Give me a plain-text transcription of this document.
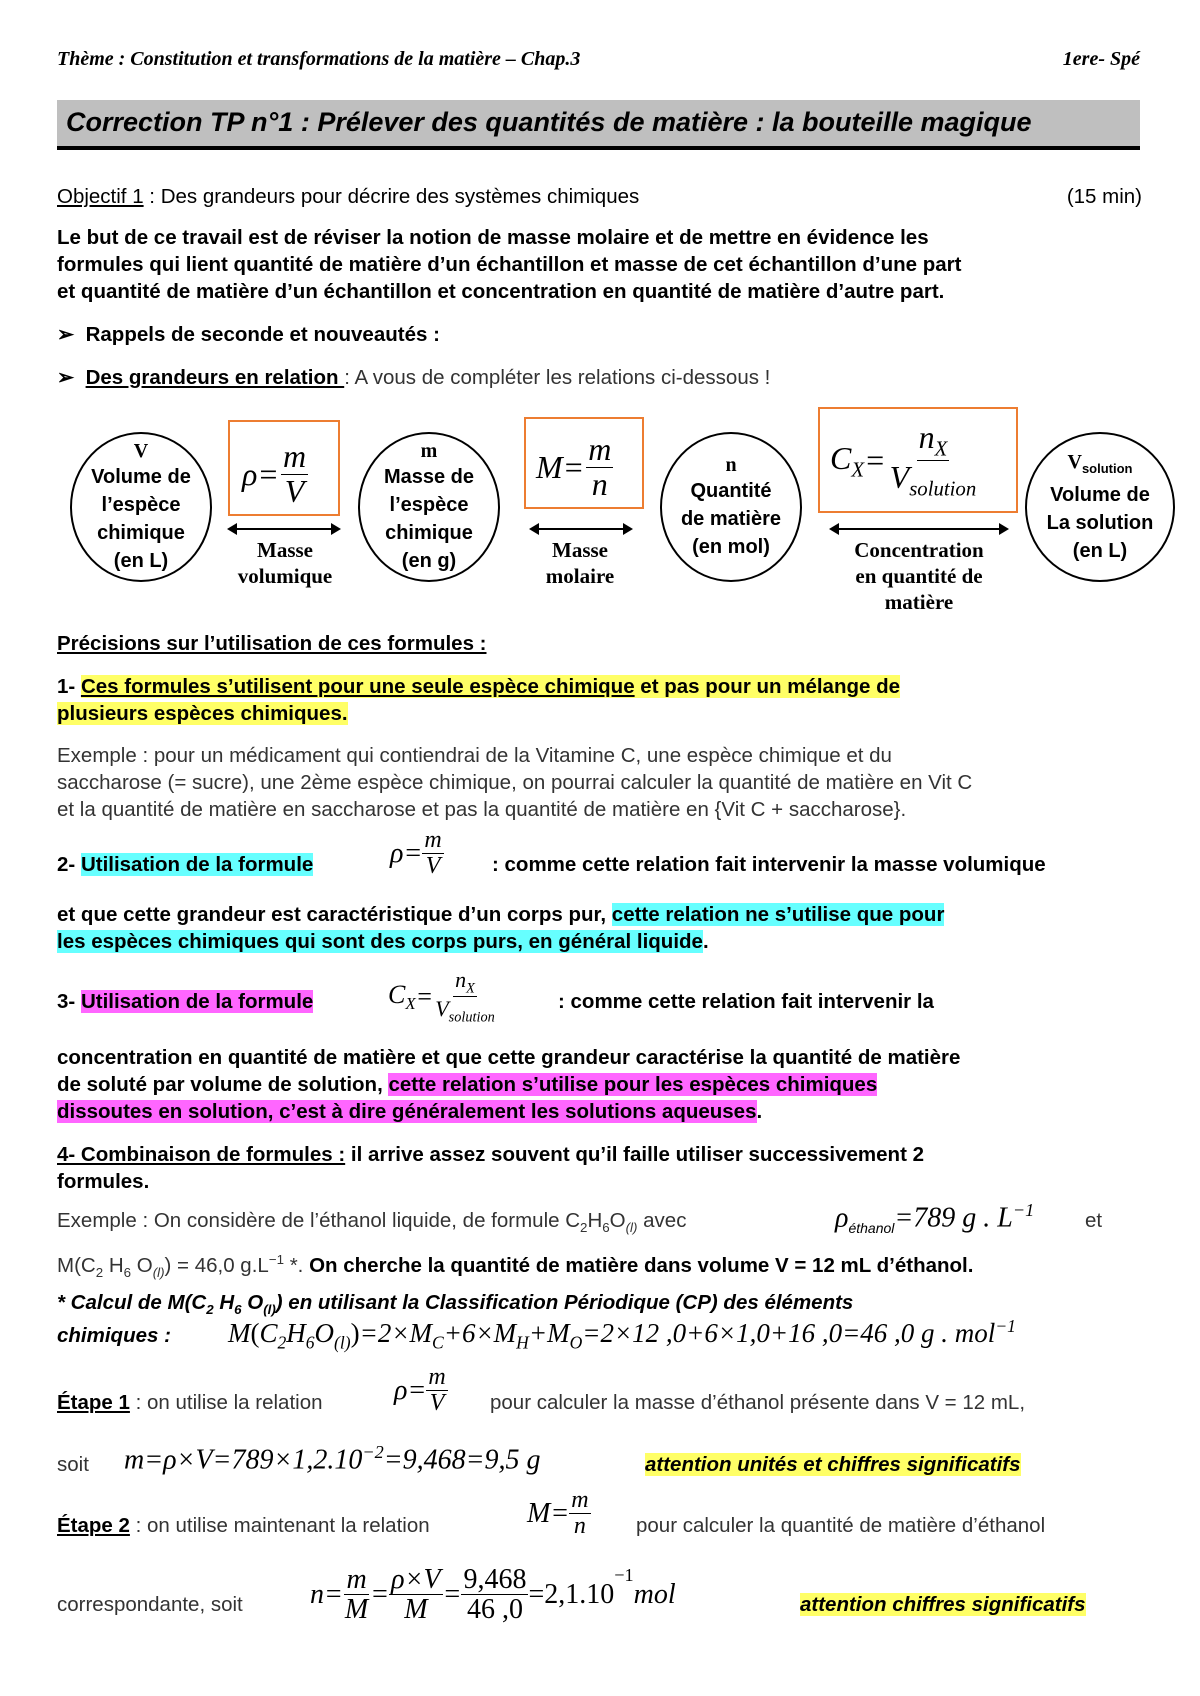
Thème : Constitution et transformations de la matière – Chap.3	1ere- Spé
Correction TP n°1 : Prélever des quantités de matière : la bouteille magique
Objectif 1 : Des grandeurs pour décrire des systèmes chimiques	(15 min)
Le but de ce travail est de réviser la notion de masse molaire et de mettre en évidence les
formules qui lient quantité de matière d’un échantillon et masse de cet échantillon d’une part
et quantité de matière d’un échantillon et concentration en quantité de matière d’autre part.
➢ Rappels de seconde et nouveautés :
➢ Des grandeurs en relation : A vous de compléter les relations ci-dessous !
V
Volume de
l’espèce
chimique
(en L)
$\rho = \frac{m}{V}$
Masse
volumique
m
Masse de
l’espèce
chimique
(en g)
$M = \frac{m}{n}$
Masse
molaire
n
Quantité
de matière
(en mol)
$C_X = \frac{n_X}{V_{solution}}$
Concentration
en quantité de
matière
$V_{solution}$
Volume de
La solution
(en L)
Précisions sur l’utilisation de ces formules :
1- Ces formules s’utilisent pour une seule espèce chimique et pas pour un mélange de
plusieurs espèces chimiques.
Exemple : pour un médicament qui contiendrai de la Vitamine C, une espèce chimique et du
saccharose (= sucre), une 2ème espèce chimique, on pourrai calculer la quantité de matière en Vit C
et la quantité de matière en saccharose et pas la quantité de matière en {Vit C + saccharose}.
2- Utilisation de la formule	$\rho = \frac{m}{V}$ : comme cette relation fait intervenir la masse volumique
et que cette grandeur est caractéristique d’un corps pur, cette relation ne s’utilise que pour
les espèces chimiques qui sont des corps purs, en général liquide.
3- Utilisation de la formule	$C_X = \frac{n_X}{V_{solution}}$	: comme cette relation fait intervenir la
concentration en quantité de matière et que cette grandeur caractérise la quantité de matière
de soluté par volume de solution, cette relation s’utilise pour les espèces chimiques
dissoutes en solution, c’est à dire généralement les solutions aqueuses.
4- Combinaison de formules : il arrive assez souvent qu’il faille utiliser successivement 2
formules.
Exemple : On considère de l’éthanol liquide, de formule $C_2H_6O_{(l)}$ avec	$\rho_{éthanol}=789$ g . $L^{-1}$ et
$M(C_2$ $H_6$ $O_{(l)}) = 46,0$ $g.L^{-1}$ *. On cherche la quantité de matière dans volume V = 12 mL d’éthanol.
* Calcul de $M(C_2$ $H_6$ $O_{(l)}$) en utilisant la Classification Périodique (CP) des éléments
chimiques : $M(C_2H_6O_{(l)})=2\times M_C+6\times M_H+M_O=2\times 12$ ,0+6×1,0+16 ,0=46 ,0 g . mol$^{-1}$
Étape 1 : on utilise la relation	$\rho = \frac{m}{V}$ pour calculer la masse d’éthanol présente dans V = 12 mL,
soit $m=\rho\times V=789\times 1,2.10^{-2}=9,468=9,5$ g	attention unités et chiffres significatifs
Étape 2 : on utilise maintenant la relation	$M = \frac{m}{n}$ pour calculer la quantité de matière d’éthanol
correspondante, soit $n= \frac{m}{M} = \frac{\rho\times V}{M} = \frac{9,468}{46 ,0} =2,1.10$
$^{-1}$
mol	attention chiffres significatifs
